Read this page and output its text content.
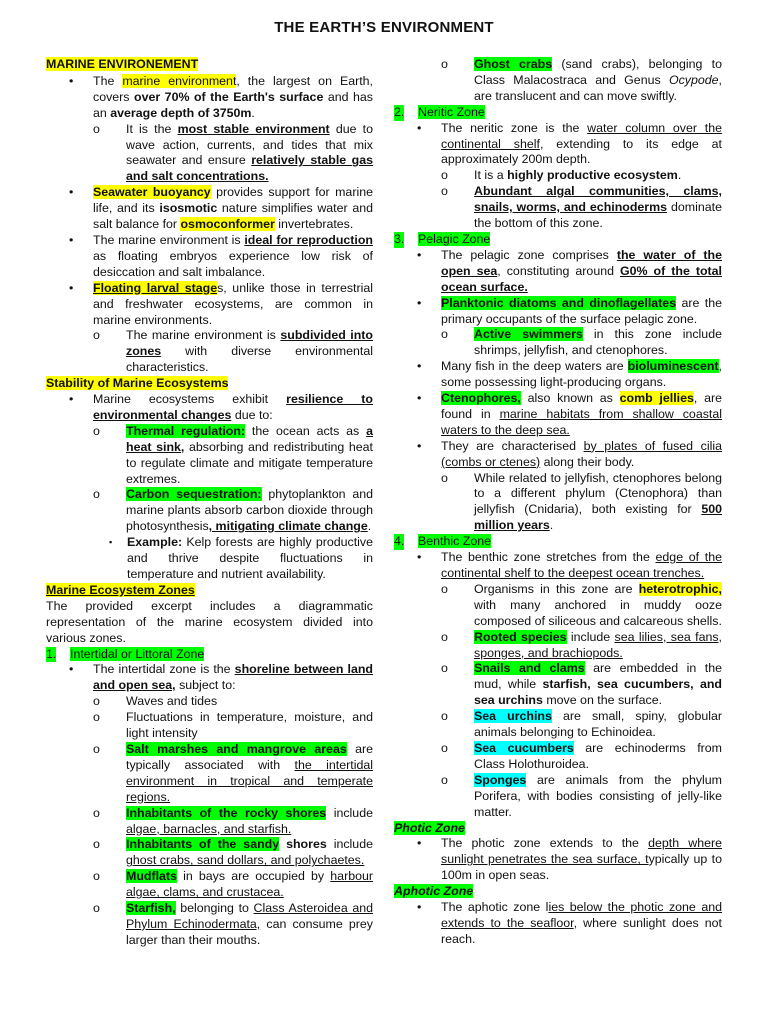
THE EARTH’S ENVIRONMENT
MARINE ENVIRONEMENT
• The marine environment, the largest on Earth, covers over 70% of the Earth's surface and has an average depth of 3750m.
o It is the most stable environment due to wave action, currents, and tides that mix seawater and ensure relatively stable gas and salt concentrations.
• Seawater buoyancy provides support for marine life, and its isosmotic nature simplifies water and salt balance for osmoconformer invertebrates.
• The marine environment is ideal for reproduction as floating embryos experience low risk of desiccation and salt imbalance.
• Floating larval stages, unlike those in terrestrial and freshwater ecosystems, are common in marine environments.
o The marine environment is subdivided into zones with diverse environmental characteristics.
Stability of Marine Ecosystems
• Marine ecosystems exhibit resilience to environmental changes due to:
o Thermal regulation: the ocean acts as a heat sink, absorbing and redistributing heat to regulate climate and mitigate temperature extremes.
o Carbon sequestration: phytoplankton and marine plants absorb carbon dioxide through photosynthesis, mitigating climate change.
▪ Example: Kelp forests are highly productive and thrive despite fluctuations in temperature and nutrient availability.
Marine Ecosystem Zones
The provided excerpt includes a diagrammatic representation of the marine ecosystem divided into various zones.
1. Intertidal or Littoral Zone
• The intertidal zone is the shoreline between land and open sea, subject to:
o Waves and tides
o Fluctuations in temperature, moisture, and light intensity
o Salt marshes and mangrove areas are typically associated with the intertidal environment in tropical and temperate regions.
o Inhabitants of the rocky shores include algae, barnacles, and starfish.
o Inhabitants of the sandy shores include ghost crabs, sand dollars, and polychaetes.
o Mudflats in bays are occupied by harbour algae, clams, and crustacea.
o Starfish, belonging to Class Asteroidea and Phylum Echinodermata, can consume prey larger than their mouths.
o Ghost crabs (sand crabs), belonging to Class Malacostraca and Genus Ocypode, are translucent and can move swiftly.
2. Neritic Zone
• The neritic zone is the water column over the continental shelf, extending to its edge at approximately 200m depth.
o It is a highly productive ecosystem.
o Abundant algal communities, clams, snails, worms, and echinoderms dominate the bottom of this zone.
3. Pelagic Zone
• The pelagic zone comprises the water of the open sea, constituting around G0% of the total ocean surface.
• Planktonic diatoms and dinoflagellates are the primary occupants of the surface pelagic zone.
o Active swimmers in this zone include shrimps, jellyfish, and ctenophores.
• Many fish in the deep waters are bioluminescent, some possessing light-producing organs.
• Ctenophores, also known as comb jellies, are found in marine habitats from shallow coastal waters to the deep sea.
• They are characterised by plates of fused cilia (combs or ctenes) along their body.
o While related to jellyfish, ctenophores belong to a different phylum (Ctenophora) than jellyfish (Cnidaria), both existing for 500 million years.
4. Benthic Zone
• The benthic zone stretches from the edge of the continental shelf to the deepest ocean trenches.
o Organisms in this zone are heterotrophic, with many anchored in muddy ooze composed of siliceous and calcareous shells.
o Rooted species include sea lilies, sea fans, sponges, and brachiopods.
o Snails and clams are embedded in the mud, while starfish, sea cucumbers, and sea urchins move on the surface.
o Sea urchins are small, spiny, globular animals belonging to Echinoidea.
o Sea cucumbers are echinoderms from Class Holothuroidea.
o Sponges are animals from the phylum Porifera, with bodies consisting of jelly-like matter.
Photic Zone
• The photic zone extends to the depth where sunlight penetrates the sea surface, typically up to 100m in open seas.
Aphotic Zone
• The aphotic zone lies below the photic zone and extends to the seafloor, where sunlight does not reach.
